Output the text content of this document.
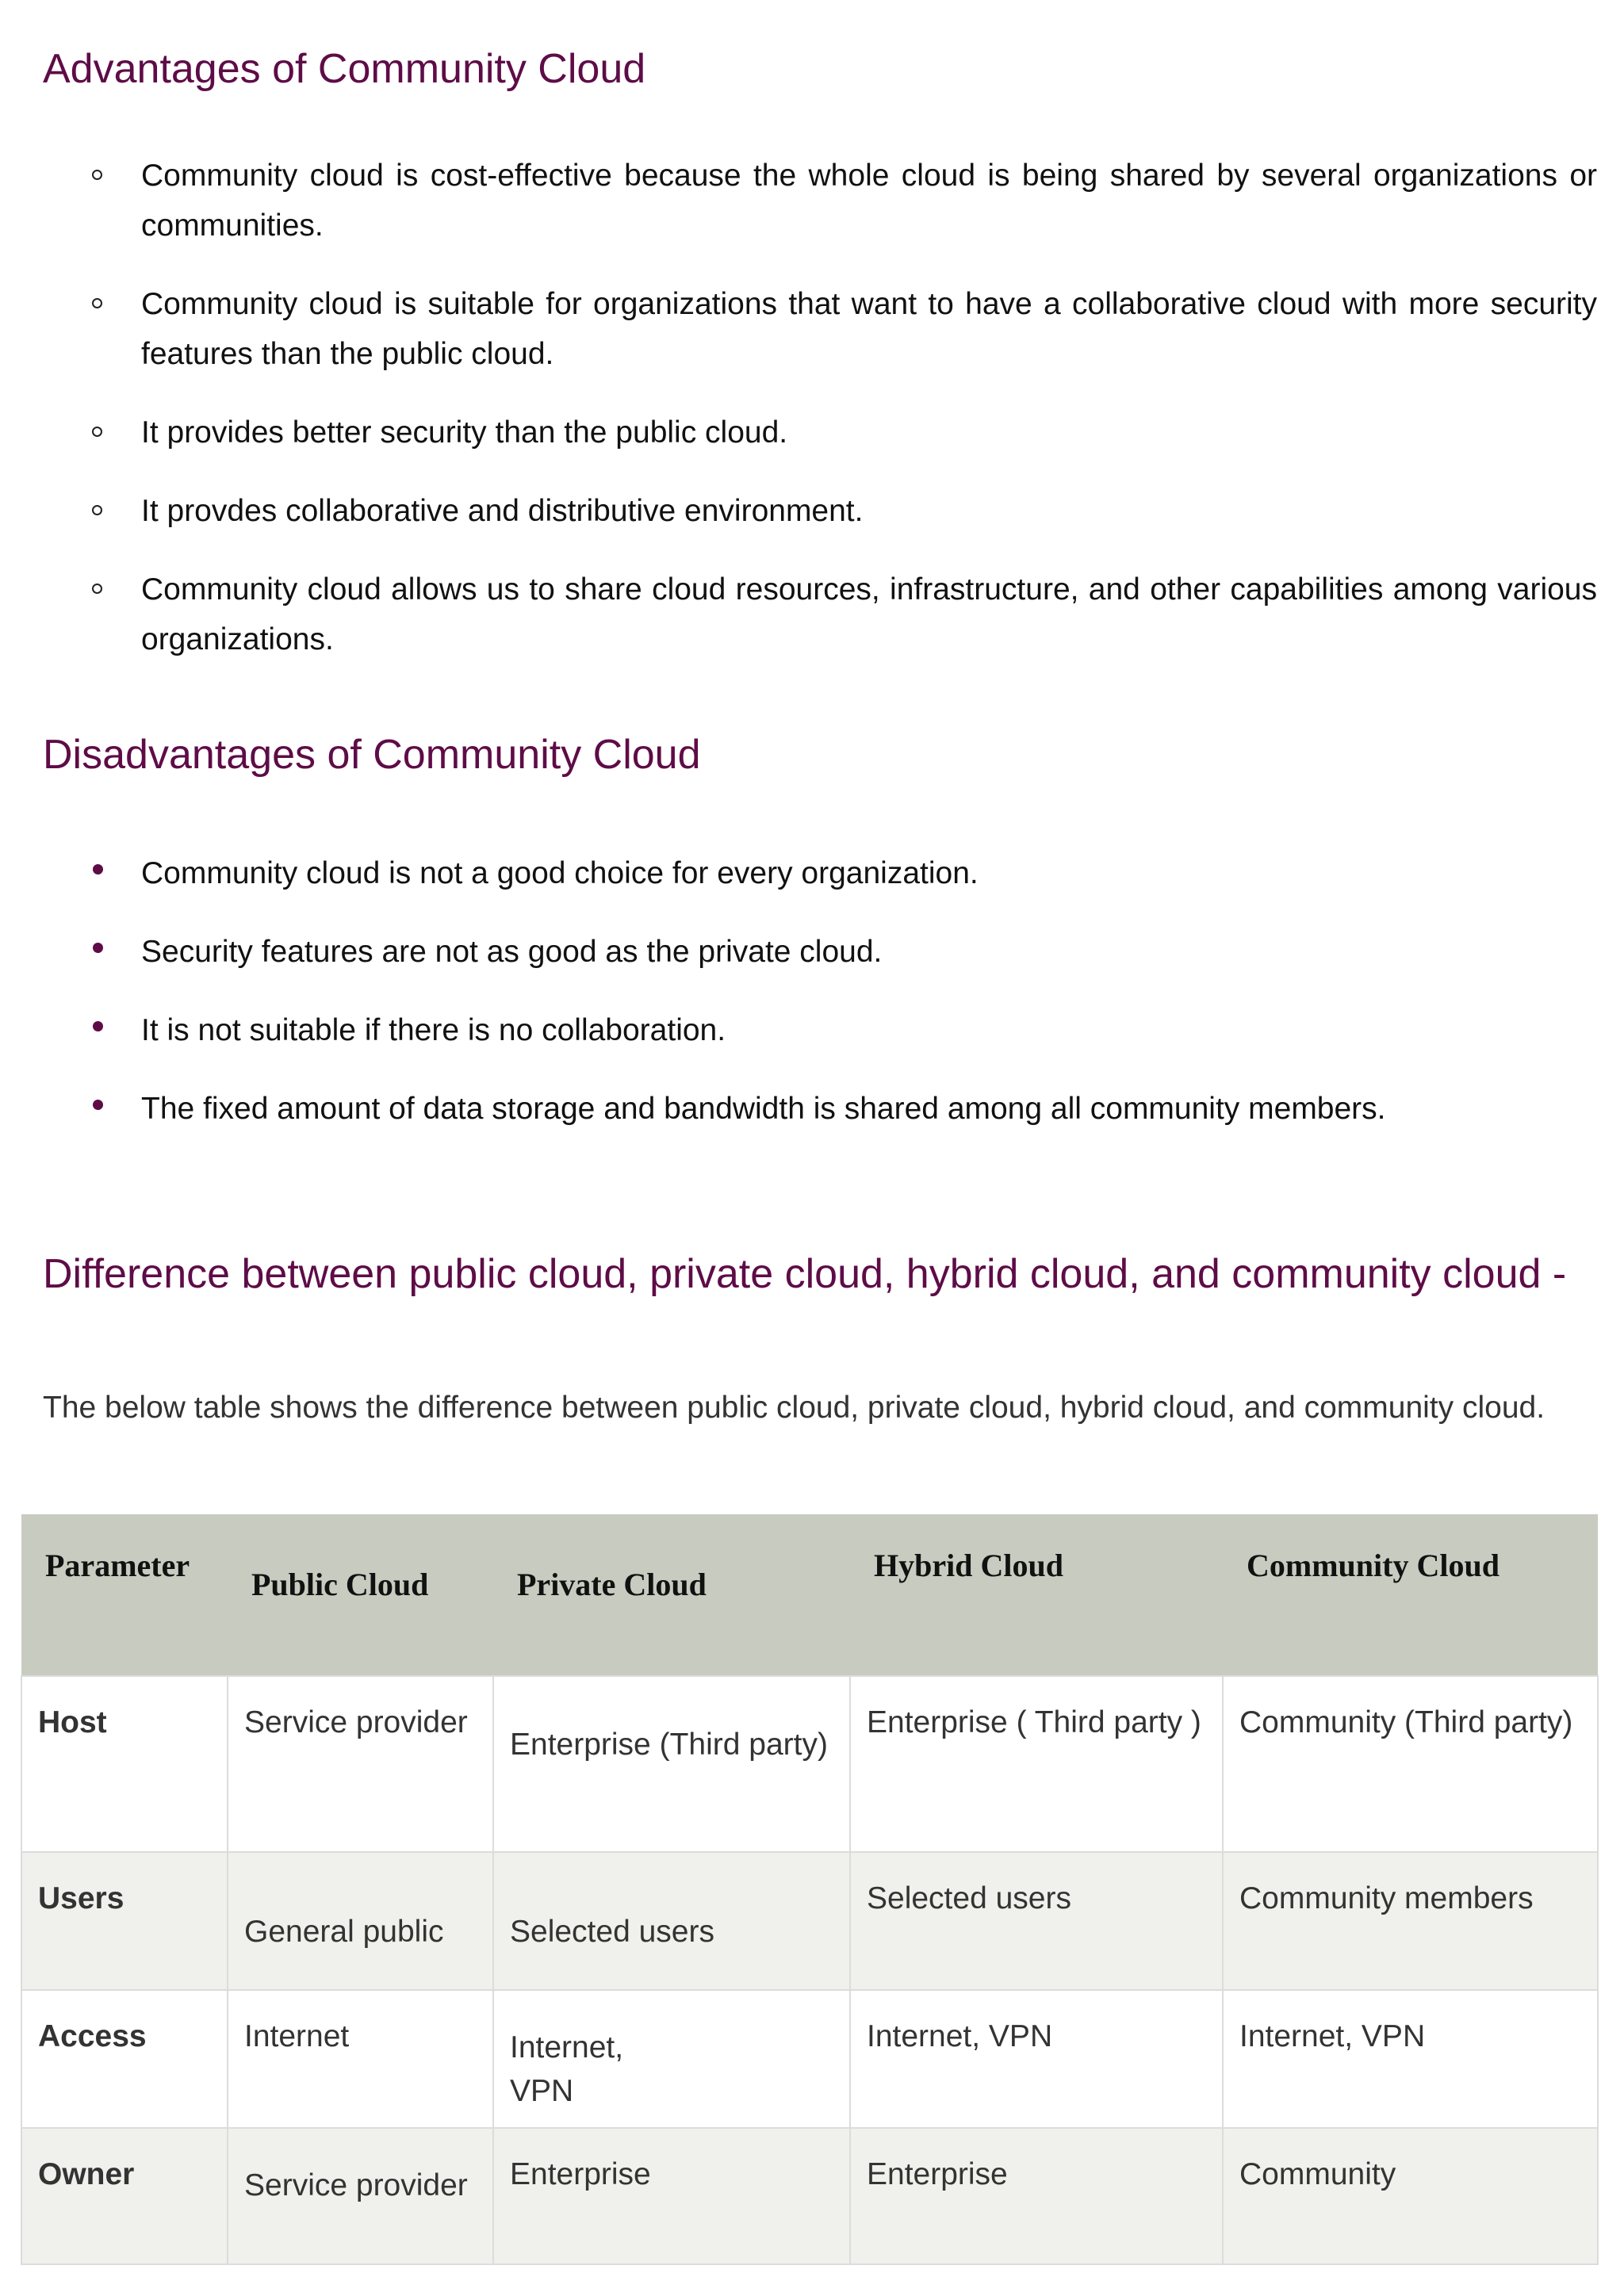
Advantages of Community Cloud
Community cloud is cost-effective because the whole cloud is being shared by several organizations or communities.
Community cloud is suitable for organizations that want to have a collaborative cloud with more security features than the public cloud.
It provides better security than the public cloud.
It provdes collaborative and distributive environment.
Community cloud allows us to share cloud resources, infrastructure, and other capabilities among various organizations.
Disadvantages of Community Cloud
Community cloud is not a good choice for every organization.
Security features are not as good as the private cloud.
It is not suitable if there is no collaboration.
The fixed amount of data storage and bandwidth is shared among all community members.
Difference between public cloud, private cloud, hybrid cloud, and community cloud -

The below table shows the difference between public cloud, private cloud, hybrid cloud, and community cloud.

Parameter	Public Cloud	Private Cloud	Hybrid Cloud	Community Cloud
Host	Service provider	Enterprise (Third party)	Enterprise ( Third party )	Community (Third party)
Users	General public	Selected users	Selected users	Community members
Access	Internet	Internet, VPN	Internet, VPN	Internet, VPN
Owner	Service provider	Enterprise	Enterprise	Community
